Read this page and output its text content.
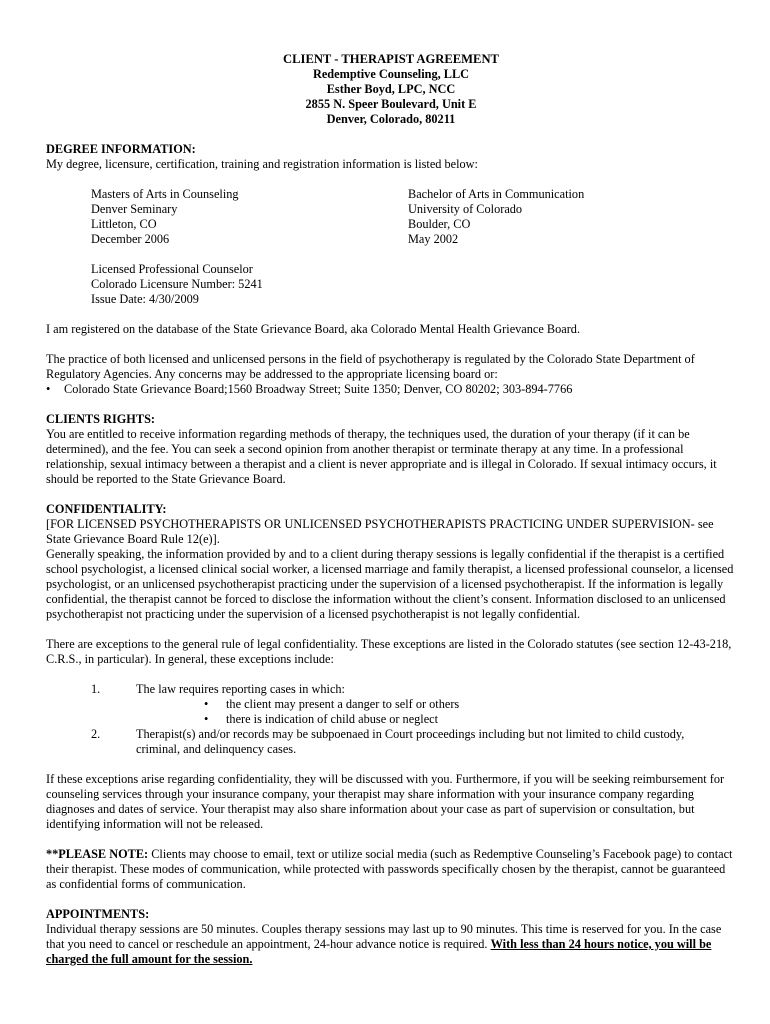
CLIENT - THERAPIST AGREEMENT
Redemptive Counseling, LLC
Esther Boyd, LPC, NCC
2855 N. Speer Boulevard, Unit E
Denver, Colorado, 80211
DEGREE INFORMATION:

My degree, licensure, certification, training and registration information is listed below:

Masters of Arts in Counseling
Denver Seminary
Littleton, CO
December 2006
Bachelor of Arts in Communication
University of Colorado
Boulder, CO
May 2002
Licensed Professional Counselor
Colorado Licensure Number: 5241
Issue Date: 4/30/2009

I am registered on the database of the State Grievance Board, aka Colorado Mental Health Grievance Board.

The practice of both licensed and unlicensed persons in the field of psychotherapy is regulated by the Colorado State Department of Regulatory Agencies. Any concerns may be addressed to the appropriate licensing board or:

•	Colorado State Grievance Board;1560 Broadway Street; Suite 1350; Denver, CO 80202; 303-894-7766
CLIENTS RIGHTS:

You are entitled to receive information regarding methods of therapy, the techniques used, the duration of your therapy (if it can be determined), and the fee. You can seek a second opinion from another therapist or terminate therapy at any time. In a professional relationship, sexual intimacy between a therapist and a client is never appropriate and is illegal in Colorado. If sexual intimacy occurs, it should be reported to the State Grievance Board.

CONFIDENTIALITY:

[FOR LICENSED PSYCHOTHERAPISTS OR UNLICENSED PSYCHOTHERAPISTS PRACTICING UNDER SUPERVISION- see State Grievance Board Rule 12(e)].

Generally speaking, the information provided by and to a client during therapy sessions is legally confidential if the therapist is a certified school psychologist, a licensed clinical social worker, a licensed marriage and family therapist, a licensed professional counselor, a licensed psychologist, or an unlicensed psychotherapist practicing under the supervision of a licensed psychotherapist. If the information is legally confidential, the therapist cannot be forced to disclose the information without the client’s consent. Information disclosed to an unlicensed psychotherapist not practicing under the supervision of a licensed psychotherapist is not legally confidential.

There are exceptions to the general rule of legal confidentiality. These exceptions are listed in the Colorado statutes (see section 12-43-218, C.R.S., in particular). In general, these exceptions include:

1.	The law requires reporting cases in which:
•	the client may present a danger to self or others
•	there is indication of child abuse or neglect
2.	Therapist(s) and/or records may be subpoenaed in Court proceedings including but not limited to child custody,
criminal, and delinquency cases.

If these exceptions arise regarding confidentiality, they will be discussed with you. Furthermore, if you will be seeking reimbursement for counseling services through your insurance company, your therapist may share information with your insurance company regarding diagnoses and dates of service. Your therapist may also share information about your case as part of supervision or consultation, but identifying information will not be released.

**PLEASE NOTE: Clients may choose to email, text or utilize social media (such as Redemptive Counseling’s Facebook page) to contact their therapist. These modes of communication, while protected with passwords specifically chosen by the therapist, cannot be guaranteed as confidential forms of communication.

APPOINTMENTS:

Individual therapy sessions are 50 minutes. Couples therapy sessions may last up to 90 minutes. This time is reserved for you. In the case that you need to cancel or reschedule an appointment, 24-hour advance notice is required. With less than 24 hours notice, you will be charged the full amount for the session.
